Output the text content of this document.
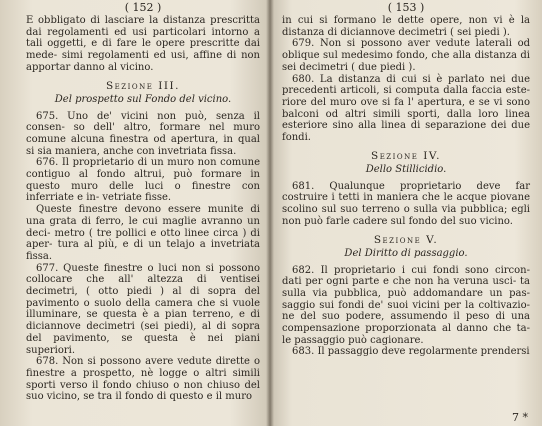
( 152 )

E obbligato di lasciare la distanza prescritta dai regolamenti ed usi particolari intorno a tali oggetti, e di fare le opere prescritte dai mede- simi regolamenti ed usi, affine di non apportar danno al vicino.

Sezione III.
Del prospetto sul Fondo del vicino.

675. Uno de' vicini non può, senza il consen- so dell' altro, formare nel muro comune alcuna finestra od apertura, in qual si sia maniera, anche con invetriata fissa.

676. Il proprietario di un muro non comune contiguo al fondo altrui, può formare in questo muro delle luci o finestre con inferriate e in- vetriate fisse.

Queste finestre devono essere munite di una grata di ferro, le cui maglie avranno un deci- metro ( tre pollici e otto linee circa ) di aper- tura al più, e di un telajo a invetriata fissa.

677. Queste finestre o luci non si possono collocare che all' altezza di ventisei decimetri, ( otto piedi ) al di sopra del pavimento o suolo della camera che si vuole illuminare, se questa è a pian terreno, e di diciannove decimetri (sei piedi), al di sopra del pavimento, se questa è nei piani superiori.

678. Non si possono avere vedute dirette o finestre a prospetto, nè logge o altri simili sporti verso il fondo chiuso o non chiuso del suo vicino, se tra il fondo di questo e il muro

( 153 )

in cui si formano le dette opere, non vi è la distanza di diciannove decimetri ( sei piedi ).

679. Non si possono aver vedute laterali od oblique sul medesimo fondo, che alla distanza di sei decimetri ( due piedi ).

680. La distanza di cui si è parlato nei due precedenti articoli, si computa dalla faccia este- riore del muro ove si fa l' apertura, e se vi sono balconi od altri simili sporti, dalla loro linea esteriore sino alla linea di separazione dei due fondi.

Sezione IV.
Dello Stillicidio.

681. Qualunque proprietario deve far costruire i tetti in maniera che le acque piovane scolino sul suo terreno o sulla via pubblica; egli non può farle cadere sul fondo del suo vicino.

Sezione V.
Del Diritto di passaggio.

682. Il proprietario i cui fondi sono circon- dati per ogni parte e che non ha veruna usci- ta sulla via pubblica, può addomandare un pas- saggio sui fondi de' suoi vicini per la coltivazio- ne del suo podere, assumendo il peso di una compensazione proporzionata al danno che ta- le passaggio può cagionare.

683. Il passaggio deve regolarmente prendersi

7 *
